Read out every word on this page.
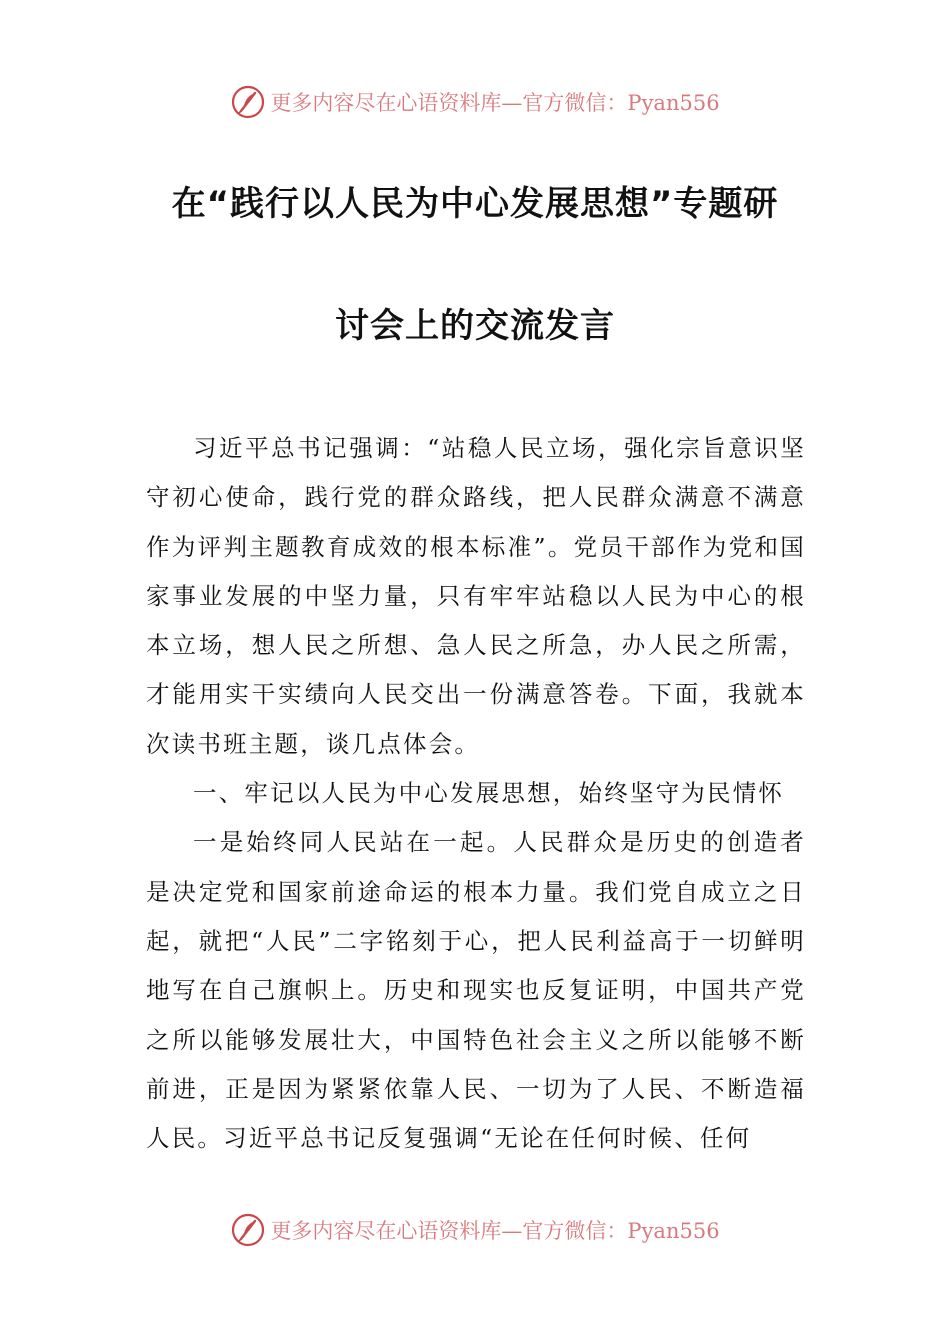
更多内容尽在心语资料库—官方微信：Pyan556
在“践行以人民为中心发展思想”专题研
讨会上的交流发言

习近平总书记强调：“站稳人民立场，强化宗旨意识坚守初心使命，践行党的群众路线，把人民群众满意不满意作为评判主题教育成效的根本标准”。党员干部作为党和国家事业发展的中坚力量，只有牢牢站稳以人民为中心的根本立场，想人民之所想、急人民之所急，办人民之所需，才能用实干实绩向人民交出一份满意答卷。下面，我就本次读书班主题，谈几点体会。

一、牢记以人民为中心发展思想，始终坚守为民情怀

一是始终同人民站在一起。人民群众是历史的创造者是决定党和国家前途命运的根本力量。我们党自成立之日起，就把“人民”二字铭刻于心，把人民利益高于一切鲜明地写在自己旗帜上。历史和现实也反复证明，中国共产党之所以能够发展壮大，中国特色社会主义之所以能够不断前进，正是因为紧紧依靠人民、一切为了人民、不断造福人民。习近平总书记反复强调“无论在任何时候、任何

更多内容尽在心语资料库—官方微信：Pyan556
